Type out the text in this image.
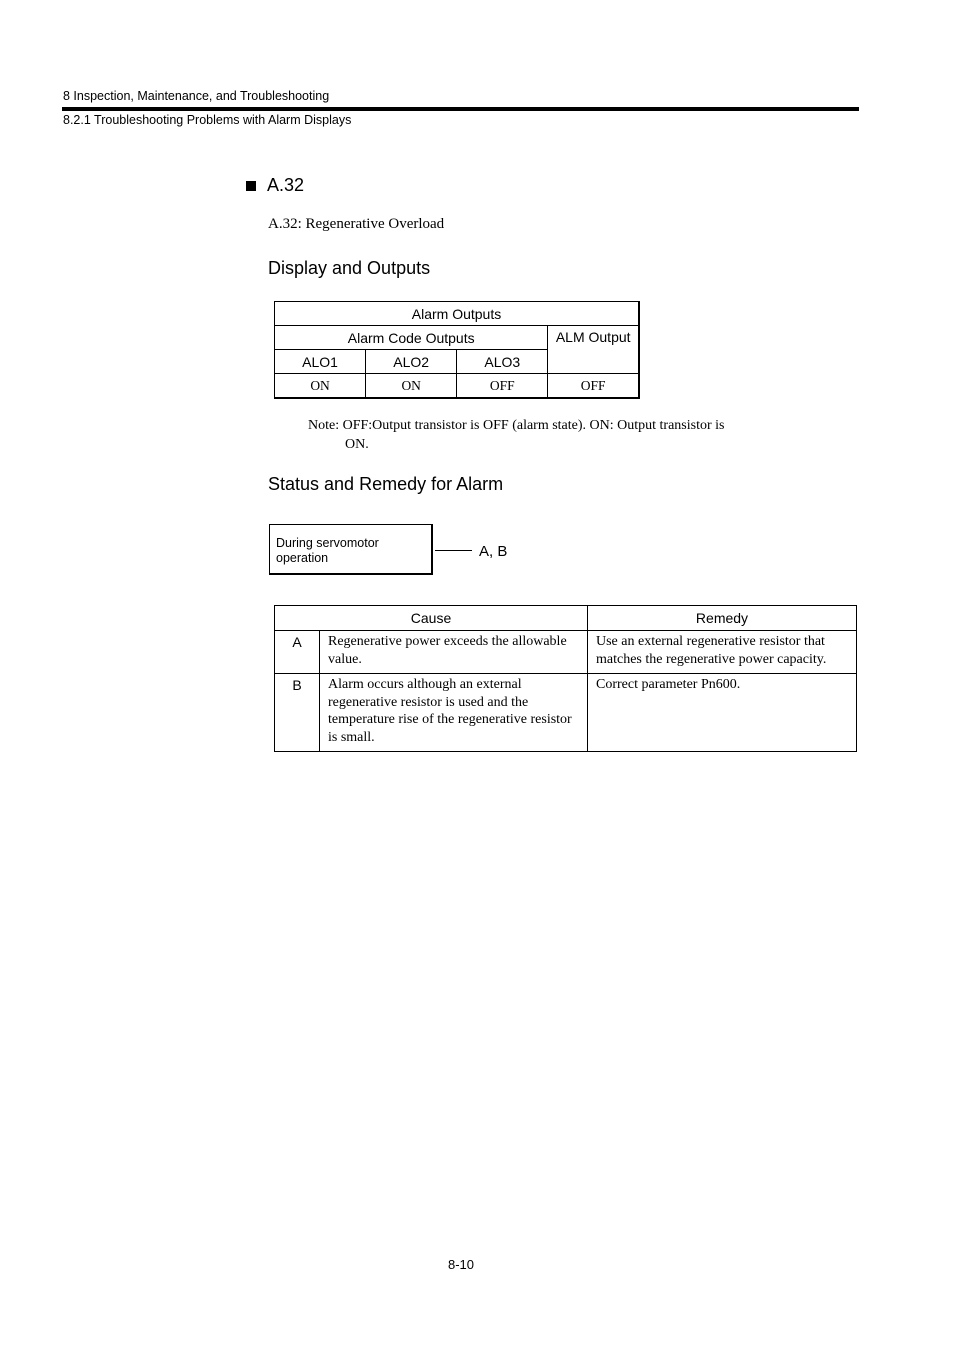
8 Inspection, Maintenance, and Troubleshooting
8.2.1 Troubleshooting Problems with Alarm Displays
A.32
A.32: Regenerative Overload
Display and Outputs
Alarm Outputs			
Alarm Code Outputs			ALM Output
ALO1	ALO2	ALO3	
ON	ON	OFF	OFF
Note: OFF:Output transistor is OFF (alarm state). ON: Output transistor is
ON.
Status and Remedy for Alarm
During servomotor operation	A, B
Cause		Remedy
A	Regenerative power exceeds the allowable value.	Use an external regenerative resistor that matches the regenerative power capacity.
B	Alarm occurs although an external regenerative resistor is used and the temperature rise of the regenerative resistor is small.	Correct parameter Pn600.
8-10
